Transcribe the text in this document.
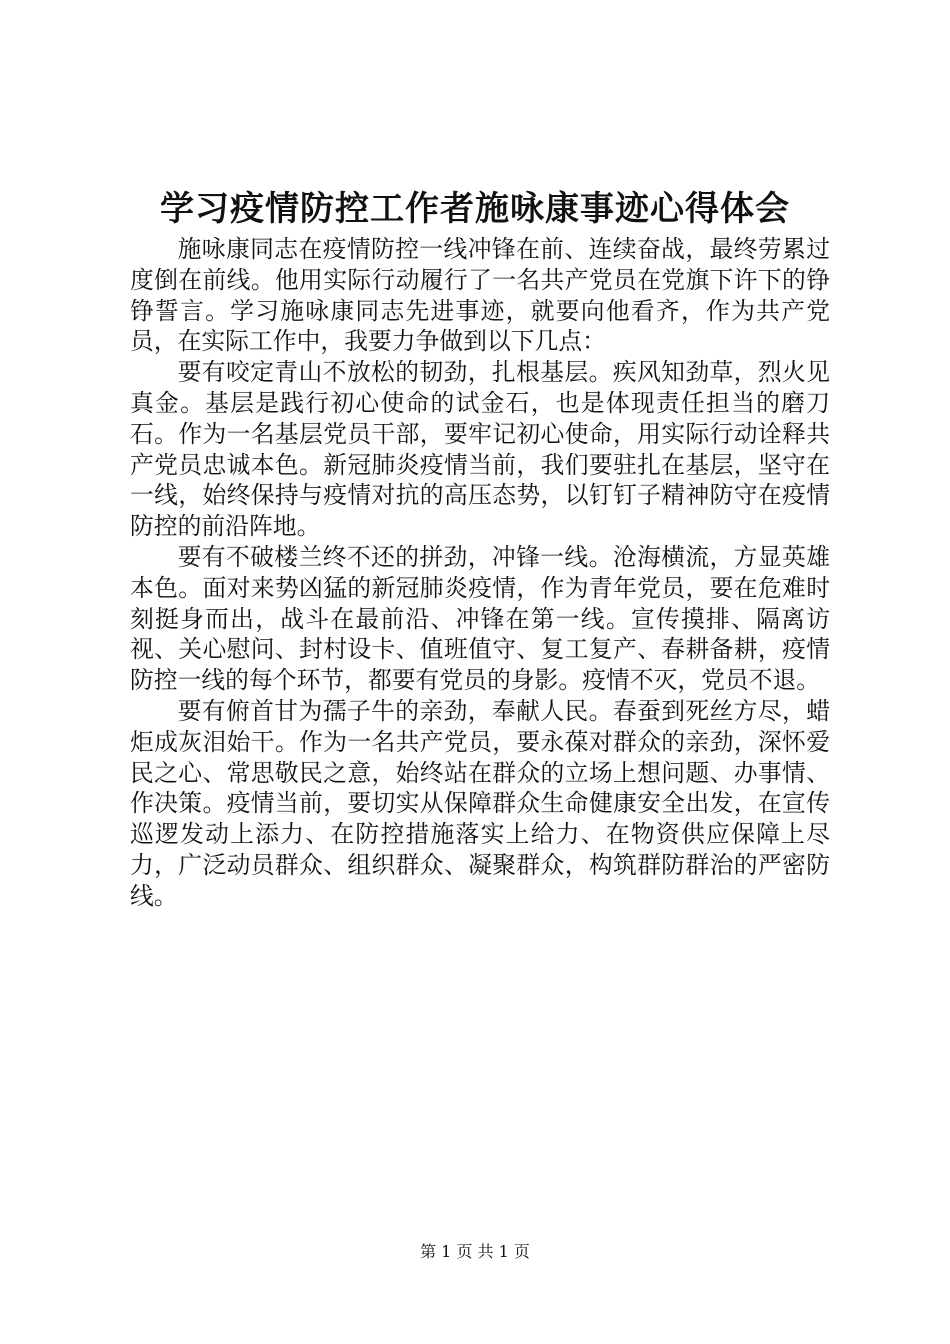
学习疫情防控工作者施咏康事迹心得体会

施咏康同志在疫情防控一线冲锋在前、连续奋战，最终劳累过度倒在前线。他用实际行动履行了一名共产党员在党旗下许下的铮铮誓言。学习施咏康同志先进事迹，就要向他看齐，作为共产党员，在实际工作中，我要力争做到以下几点：

要有咬定青山不放松的韧劲，扎根基层。疾风知劲草，烈火见真金。基层是践行初心使命的试金石，也是体现责任担当的磨刀石。作为一名基层党员干部，要牢记初心使命，用实际行动诠释共产党员忠诚本色。新冠肺炎疫情当前，我们要驻扎在基层，坚守在一线，始终保持与疫情对抗的高压态势，以钉钉子精神防守在疫情防控的前沿阵地。

要有不破楼兰终不还的拼劲，冲锋一线。沧海横流，方显英雄本色。面对来势凶猛的新冠肺炎疫情，作为青年党员，要在危难时刻挺身而出，战斗在最前沿、冲锋在第一线。宣传摸排、隔离访视、关心慰问、封村设卡、值班值守、复工复产、春耕备耕，疫情防控一线的每个环节，都要有党员的身影。疫情不灭，党员不退。

要有俯首甘为孺子牛的亲劲，奉献人民。春蚕到死丝方尽，蜡炬成灰泪始干。作为一名共产党员，要永葆对群众的亲劲，深怀爱民之心、常思敬民之意，始终站在群众的立场上想问题、办事情、作决策。疫情当前，要切实从保障群众生命健康安全出发，在宣传巡逻发动上添力、在防控措施落实上给力、在物资供应保障上尽力，广泛动员群众、组织群众、凝聚群众，构筑群防群治的严密防线。

第 1 页 共 1 页
